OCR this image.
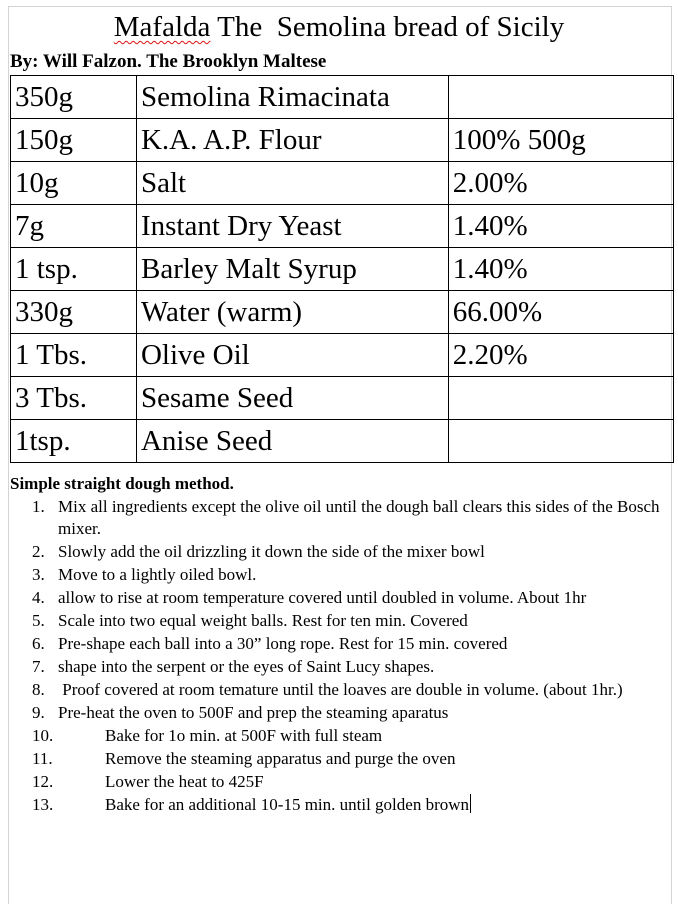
Mafalda The  Semolina bread of Sicily
By: Will Falzon. The Brooklyn Maltese
350g	Semolina Rimacinata	
150g	K.A. A.P. Flour	100% 500g
10g	Salt	2.00%
7g	Instant Dry Yeast	1.40%
1 tsp.	Barley Malt Syrup	1.40%
330g	Water (warm)	66.00%
1 Tbs.	Olive Oil	2.20%
3 Tbs.	Sesame Seed	
1tsp.	Anise Seed	
Simple straight dough method.
1. Mix all ingredients except the olive oil until the dough ball clears this sides of the Bosch mixer.
2. Slowly add the oil drizzling it down the side of the mixer bowl
3. Move to a lightly oiled bowl.
4. allow to rise at room temperature covered until doubled in volume. About 1hr
5. Scale into two equal weight balls. Rest for ten min. Covered
6. Pre-shape each ball into a 30” long rope. Rest for 15 min. covered
7. shape into the serpent or the eyes of Saint Lucy shapes.
8. Proof covered at room temature until the loaves are double in volume. (about 1hr.)
9. Pre-heat the oven to 500F and prep the steaming aparatus
10.	Bake for 1o min. at 500F with full steam
11.	Remove the steaming apparatus and purge the oven
12.	Lower the heat to 425F
13.	Bake for an additional 10-15 min. until golden brown
